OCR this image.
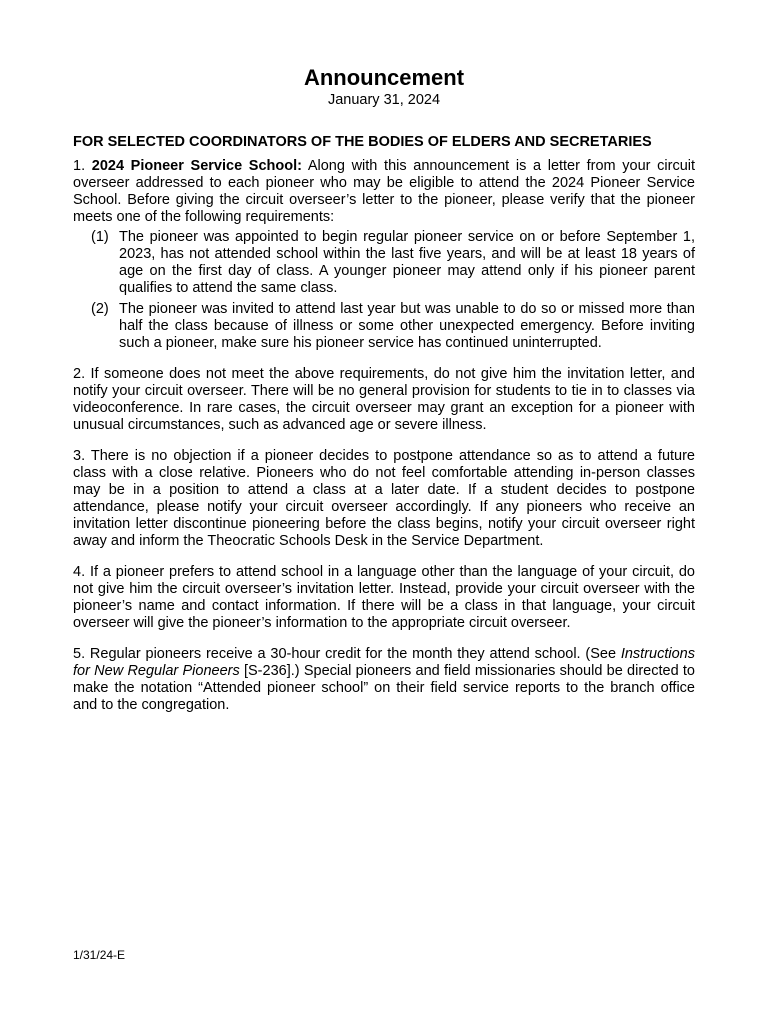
Announcement

January 31, 2024

FOR SELECTED COORDINATORS OF THE BODIES OF ELDERS AND SECRETARIES

1. 2024 Pioneer Service School: Along with this announcement is a letter from your circuit overseer addressed to each pioneer who may be eligible to attend the 2024 Pioneer Service School. Before giving the circuit overseer’s letter to the pioneer, please verify that the pioneer meets one of the following requirements:

(1) The pioneer was appointed to begin regular pioneer service on or before September 1, 2023, has not attended school within the last five years, and will be at least 18 years of age on the first day of class. A younger pioneer may attend only if his pioneer parent qualifies to attend the same class.
(2) The pioneer was invited to attend last year but was unable to do so or missed more than half the class because of illness or some other unexpected emergency. Before inviting such a pioneer, make sure his pioneer service has continued uninterrupted.

2. If someone does not meet the above requirements, do not give him the invitation letter, and notify your circuit overseer. There will be no general provision for students to tie in to classes via videoconference. In rare cases, the circuit overseer may grant an exception for a pioneer with unusual circumstances, such as advanced age or severe illness.

3. There is no objection if a pioneer decides to postpone attendance so as to attend a future class with a close relative. Pioneers who do not feel comfortable attending in-person classes may be in a position to attend a class at a later date. If a student decides to postpone attendance, please notify your circuit overseer accordingly. If any pioneers who receive an invitation letter discontinue pioneering before the class begins, notify your circuit overseer right away and inform the Theocratic Schools Desk in the Service Department.

4. If a pioneer prefers to attend school in a language other than the language of your circuit, do not give him the circuit overseer’s invitation letter. Instead, provide your circuit overseer with the pioneer’s name and contact information. If there will be a class in that language, your circuit overseer will give the pioneer’s information to the appropriate circuit overseer.

5. Regular pioneers receive a 30-hour credit for the month they attend school. (See Instructions for New Regular Pioneers [S-236].) Special pioneers and field missionaries should be directed to make the notation “Attended pioneer school” on their field service reports to the branch office and to the congregation.

1/31/24-E
